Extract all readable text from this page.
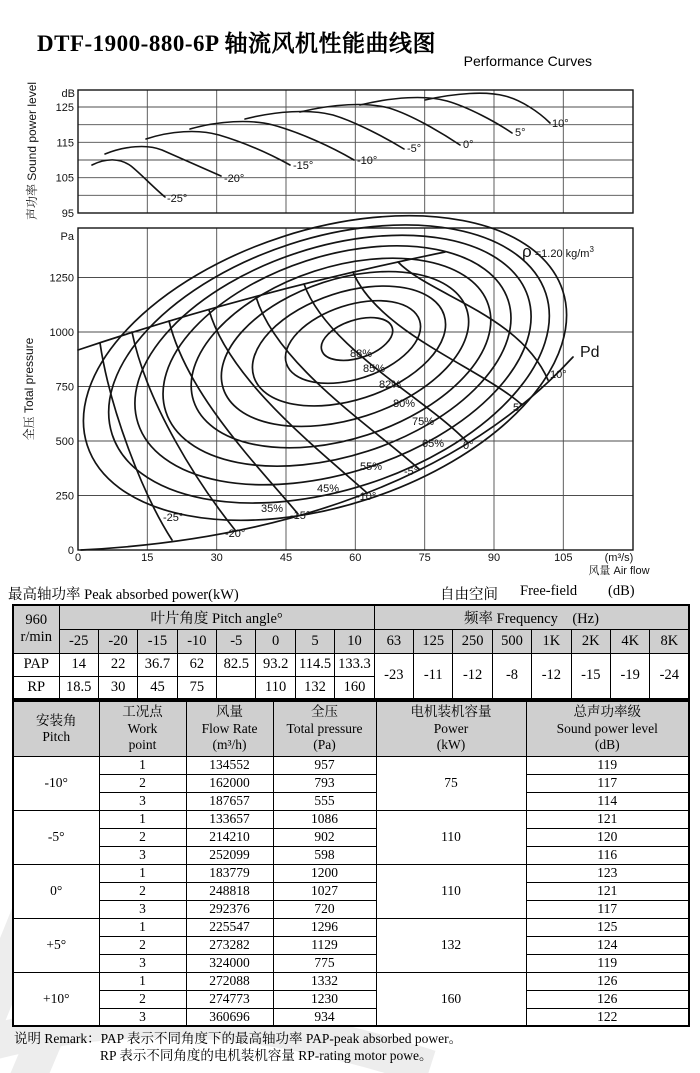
DTF-1900-880-6P 轴流风机性能曲线图
Performance Curves
-25°
-20°
-15°	-10°
-5°	0°
5°
10°
125
115
105
95
dB
声功率 Sound power level
-25°
-20°
-15°
-10°
-5°
0°
5°
10°
88%
85%
82%
80%
75%
65%
55%
45%
35%
1250
1000
750
500
250
0
0	15	30	45	60	75	90	105
Pa
(m³/s)
风量 Air flow
全压 Total pressure
ρ =1.20 $kg/m^3$
Pd
最高轴功率 Peak absorbed power(kW)	自由空间 Free-field (dB)
960
r/min	叶片角度 Pitch angle°								频率 Frequency　(Hz)							
	-25	-20	-15	-10	-5	0	5	10	63	125	250	500	1K	2K	4K	8K
PAP	14	22	36.7	62	82.5	93.2	114.5	133.3	-23	-11	-12	-8	-12	-15	-19	-24
RP	18.5	30	45	75		110	132	160								
安装角
Pitch

工况点
Work
point

风量
Flow Rate
(m³/h)

全压
Total pressure
(Pa)

电机装机容量
Power
(kW)

总声功率级
Sound power level
(dB)

-10°	1	134552	957	75	119
	2	162000	793		117
	3	187657	555		114
-5°	1	133657	1086	110	121
	2	214210	902		120
	3	252099	598		116
0°	1	183779	1200	110	123
	2	248818	1027		121
	3	292376	720		117
+5°	1	225547	1296	132	125
	2	273282	1129		124
	3	324000	775		119
+10°	1	272088	1332	160	126
	2	274773	1230		126
	3	360696	934		122
说明 Remark：PAP 表示不同角度下的最高轴功率 PAP-peak absorbed power。
RP 表示不同角度的电机装机容量 RP-rating motor powe。
